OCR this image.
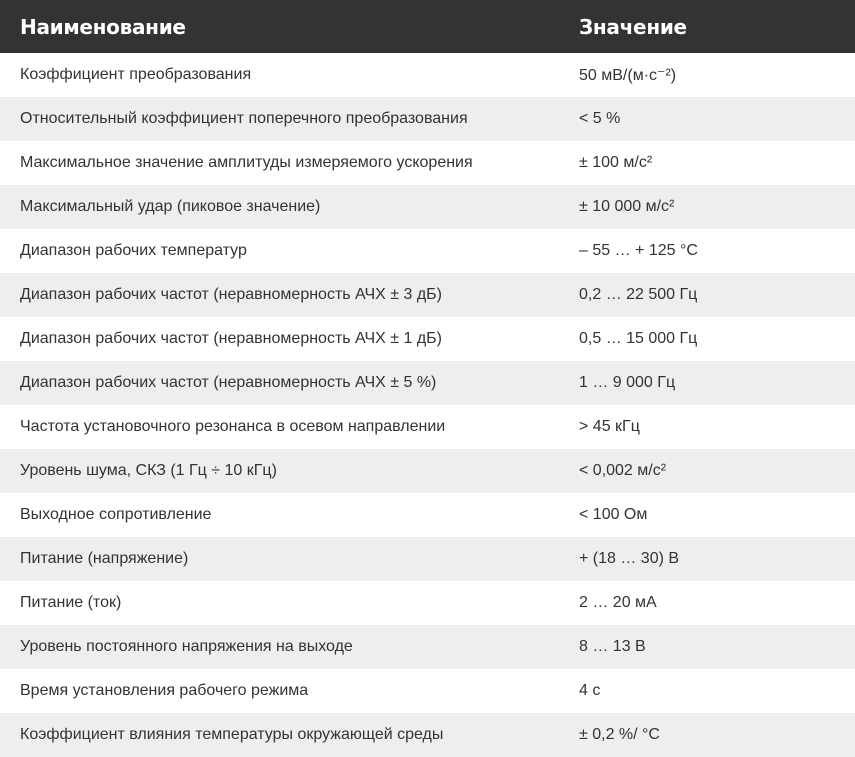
Наименование	Значение
Коэффициент преобразования	50 мВ/(м·с⁻²)
Относительный коэффициент поперечного преобразования	< 5 %
Максимальное значение амплитуды измеряемого ускорения	± 100 м/с²
Максимальный удар (пиковое значение)	± 10 000 м/с²
Диапазон рабочих температур	– 55 … + 125 °С
Диапазон рабочих частот (неравномерность АЧХ ± 3 дБ)	0,2 … 22 500 Гц
Диапазон рабочих частот (неравномерность АЧХ ± 1 дБ)	0,5 … 15 000 Гц
Диапазон рабочих частот (неравномерность АЧХ ± 5 %)	1 … 9 000 Гц
Частота установочного резонанса в осевом направлении	> 45 кГц
Уровень шума, СКЗ (1 Гц ÷ 10 кГц)	< 0,002 м/с²
Выходное сопротивление	< 100 Ом
Питание (напряжение)	+ (18 … 30) В
Питание (ток)	2 … 20 мА
Уровень постоянного напряжения на выходе	8 … 13 В
Время установления рабочего режима	4 с
Коэффициент влияния температуры окружающей среды	± 0,2 %/ °С
